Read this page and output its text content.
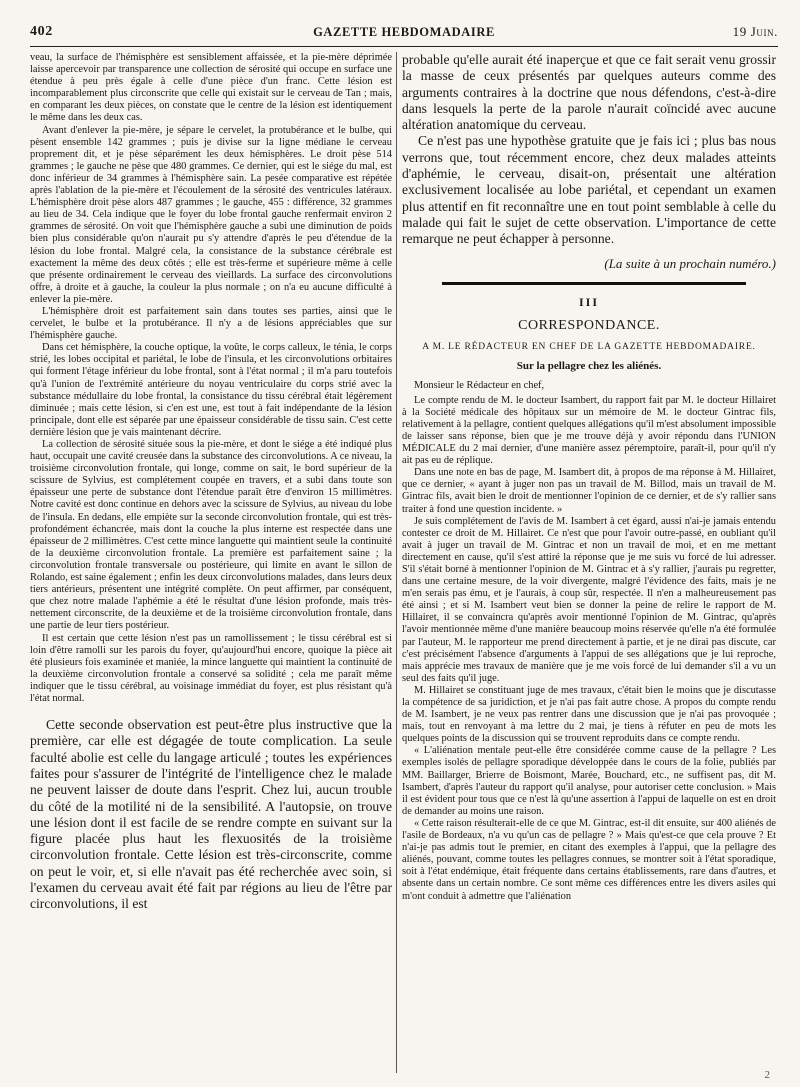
402	GAZETTE HEBDOMADAIRE	19 Juin.

veau, la surface de l'hémisphère est sensiblement affaissée, et la pie-mère déprimée laisse apercevoir par transparence une collection de sérosité qui occupe en surface une étendue à peu près égale à celle d'une pièce d'un franc. Cette lésion est incomparablement plus circonscrite que celle qui existait sur le cerveau de Tan ; mais, en comparant les deux pièces, on constate que le centre de la lésion est identiquement le même dans les deux cas.

Avant d'enlever la pie-mère, je sépare le cervelet, la protubérance et le bulbe, qui pèsent ensemble 142 grammes ; puis je divise sur la ligne médiane le cerveau proprement dit, et je pèse séparément les deux hémisphères. Le droit pèse 514 grammes ; le gauche ne pèse que 480 grammes. Ce dernier, qui est le siége du mal, est donc inférieur de 34 grammes à l'hémisphère sain. La pesée comparative est répétée après l'ablation de la pie-mère et l'écoulement de la sérosité des ventricules latéraux. L'hémisphère droit pèse alors 487 grammes ; le gauche, 455 : différence, 32 grammes au lieu de 34. Cela indique que le foyer du lobe frontal gauche renfermait environ 2 grammes de sérosité. On voit que l'hémisphère gauche a subi une diminution de poids bien plus considérable qu'on n'aurait pu s'y attendre d'après le peu d'étendue de la lésion du lobe frontal. Malgré cela, la consistance de la substance cérébrale est exactement la même des deux côtés ; elle est très-ferme et supérieure même à celle que présente ordinairement le cerveau des vieillards. La surface des circonvolutions offre, à droite et à gauche, la couleur la plus normale ; on n'a eu aucune difficulté à enlever la pie-mère.

L'hémisphère droit est parfaitement sain dans toutes ses parties, ainsi que le cervelet, le bulbe et la protubérance. Il n'y a de lésions appréciables que sur l'hémisphère gauche.

Dans cet hémisphère, la couche optique, la voûte, le corps calleux, le ténia, le corps strié, les lobes occipital et pariétal, le lobe de l'insula, et les circonvolutions orbitaires qui forment l'étage inférieur du lobe frontal, sont à l'état normal ; il m'a paru toutefois qu'à l'union de l'extrémité antérieure du noyau ventriculaire du corps strié avec la substance médullaire du lobe frontal, la consistance du tissu cérébral était légèrement diminuée ; mais cette lésion, si c'en est une, est tout à fait indépendante de la lésion principale, dont elle est séparée par une épaisseur considérable de tissu sain. C'est cette dernière lésion que je vais maintenant décrire.

La collection de sérosité située sous la pie-mère, et dont le siége a été indiqué plus haut, occupait une cavité creusée dans la substance des circonvolutions. A ce niveau, la troisième circonvolution frontale, qui longe, comme on sait, le bord supérieur de la scissure de Sylvius, est complétement coupée en travers, et a subi dans toute son épaisseur une perte de substance dont l'étendue paraît être d'environ 15 millimètres. Notre cavité est donc continue en dehors avec la scissure de Sylvius, au niveau du lobe de l'insula. En dedans, elle empiète sur la seconde circonvolution frontale, qui est très-profondément échancrée, mais dont la couche la plus interne est respectée dans une épaisseur de 2 millimètres. C'est cette mince languette qui maintient seule la continuité de la deuxième circonvolution frontale. La première est parfaitement saine ; la circonvolution frontale transversale ou postérieure, qui limite en avant le sillon de Rolando, est saine également ; enfin les deux circonvolutions malades, dans leurs deux tiers antérieurs, présentent une intégrité complète. On peut affirmer, par conséquent, que chez notre malade l'aphémie a été le résultat d'une lésion profonde, mais très-nettement circonscrite, de la deuxième et de la troisième circonvolution frontale, dans une partie de leur tiers postérieur.

Il est certain que cette lésion n'est pas un ramollissement ; le tissu cérébral est si loin d'être ramolli sur les parois du foyer, qu'aujourd'hui encore, quoique la pièce ait été plusieurs fois examinée et maniée, la mince languette qui maintient la continuité de la deuxième circonvolution frontale a conservé sa solidité ; cela me paraît même indiquer que le tissu cérébral, au voisinage immédiat du foyer, est plus résistant qu'à l'état normal.

Cette seconde observation est peut-être plus instructive que la première, car elle est dégagée de toute complication. La seule faculté abolie est celle du langage articulé ; toutes les expériences faites pour s'assurer de l'intégrité de l'intelligence chez le malade ne peuvent laisser de doute dans l'esprit. Chez lui, aucun trouble du côté de la motilité ni de la sensibilité. A l'autopsie, on trouve une lésion dont il est facile de se rendre compte en suivant sur la figure placée plus haut les flexuosités de la troisième circonvolution frontale. Cette lésion est très-circonscrite, comme on peut le voir, et, si elle n'avait pas été recherchée avec soin, si l'examen du cerveau avait été fait par régions au lieu de l'être par circonvolutions, il est

probable qu'elle aurait été inaperçue et que ce fait serait venu grossir la masse de ceux présentés par quelques auteurs comme des arguments contraires à la doctrine que nous défendons, c'est-à-dire dans lesquels la perte de la parole n'aurait coïncidé avec aucune altération anatomique du cerveau.

Ce n'est pas une hypothèse gratuite que je fais ici ; plus bas nous verrons que, tout récemment encore, chez deux malades atteints d'aphémie, le cerveau, disait-on, présentait une altération exclusivement localisée au lobe pariétal, et cependant un examen plus attentif en fit reconnaître une en tout point semblable à celle du malade qui fait le sujet de cette observation. L'importance de cette remarque ne peut échapper à personne.

(La suite à un prochain numéro.)
III
CORRESPONDANCE.
A M. LE RÉDACTEUR EN CHEF DE LA GAZETTE HEBDOMADAIRE.
Sur la pellagre chez les aliénés.
Monsieur le Rédacteur en chef,

Le compte rendu de M. le docteur Isambert, du rapport fait par M. le docteur Hillairet à la Société médicale des hôpitaux sur un mémoire de M. le docteur Gintrac fils, relativement à la pellagre, contient quelques allégations qu'il m'est absolument impossible de laisser sans réponse, bien que je me trouve déjà y avoir répondu dans l'UNION MÉDICALE du 2 mai dernier, d'une manière assez péremptoire, paraît-il, pour qu'il n'y ait pas eu de réplique.

Dans une note en bas de page, M. Isambert dit, à propos de ma réponse à M. Hillairet, que ce dernier, « ayant à juger non pas un travail de M. Billod, mais un travail de M. Gintrac fils, avait bien le droit de mentionner l'opinion de ce dernier, et de s'y rallier sans traiter à fond une question incidente. »

Je suis complétement de l'avis de M. Isambert à cet égard, aussi n'ai-je jamais entendu contester ce droit de M. Hillairet. Ce n'est que pour l'avoir outre-passé, en oubliant qu'il avait à juger un travail de M. Gintrac et non un travail de moi, et en me mettant directement en cause, qu'il s'est attiré la réponse que je me suis vu forcé de lui adresser. S'il s'était borné à mentionner l'opinion de M. Gintrac et à s'y rallier, j'aurais pu regretter, dans une certaine mesure, de la voir divergente, malgré l'évidence des faits, mais je ne m'en serais pas ému, et je l'aurais, à coup sûr, respectée. Il n'en a malheureusement pas été ainsi ; et si M. Isambert veut bien se donner la peine de relire le rapport de M. Hillairet, il se convaincra qu'après avoir mentionné l'opinion de M. Gintrac, qu'après l'avoir mentionnée même d'une manière beaucoup moins réservée qu'elle n'a été formulée par l'auteur, M. le rapporteur me prend directement à partie, et je ne dirai pas discute, car c'est précisément l'absence d'arguments à l'appui de ses allégations que je lui reproche, mais apprécie mes travaux de manière que je me vois forcé de lui demander s'il a vu un seul des faits qu'il juge.

M. Hillairet se constituant juge de mes travaux, c'était bien le moins que je discutasse la compétence de sa juridiction, et je n'ai pas fait autre chose. A propos du compte rendu de M. Isambert, je ne veux pas rentrer dans une discussion que je n'ai pas provoquée ; mais, tout en renvoyant à ma lettre du 2 mai, je tiens à réfuter en peu de mots les quelques points de la discussion qui se trouvent reproduits dans ce compte rendu.

« L'aliénation mentale peut-elle être considérée comme cause de la pellagre ? Les exemples isolés de pellagre sporadique développée dans le cours de la folie, publiés par MM. Baillarger, Brierre de Boismont, Marée, Bouchard, etc., ne suffisent pas, dit M. Isambert, d'après l'auteur du rapport qu'il analyse, pour autoriser cette conclusion. » Mais il est évident pour tous que ce n'est là qu'une assertion à l'appui de laquelle on est en droit de demander au moins une raison.

« Cette raison résulterait-elle de ce que M. Gintrac, est-il dit ensuite, sur 400 aliénés de l'asile de Bordeaux, n'a vu qu'un cas de pellagre ? » Mais qu'est-ce que cela prouve ? Et n'ai-je pas admis tout le premier, en citant des exemples à l'appui, que la pellagre des aliénés, pouvant, comme toutes les pellagres connues, se montrer soit à l'état sporadique, soit à l'état endémique, était fréquente dans certains établissements, rare dans d'autres, et absente dans un certain nombre. Ce sont même ces différences entre les divers asiles qui m'ont conduit à admettre que l'aliénation

2
